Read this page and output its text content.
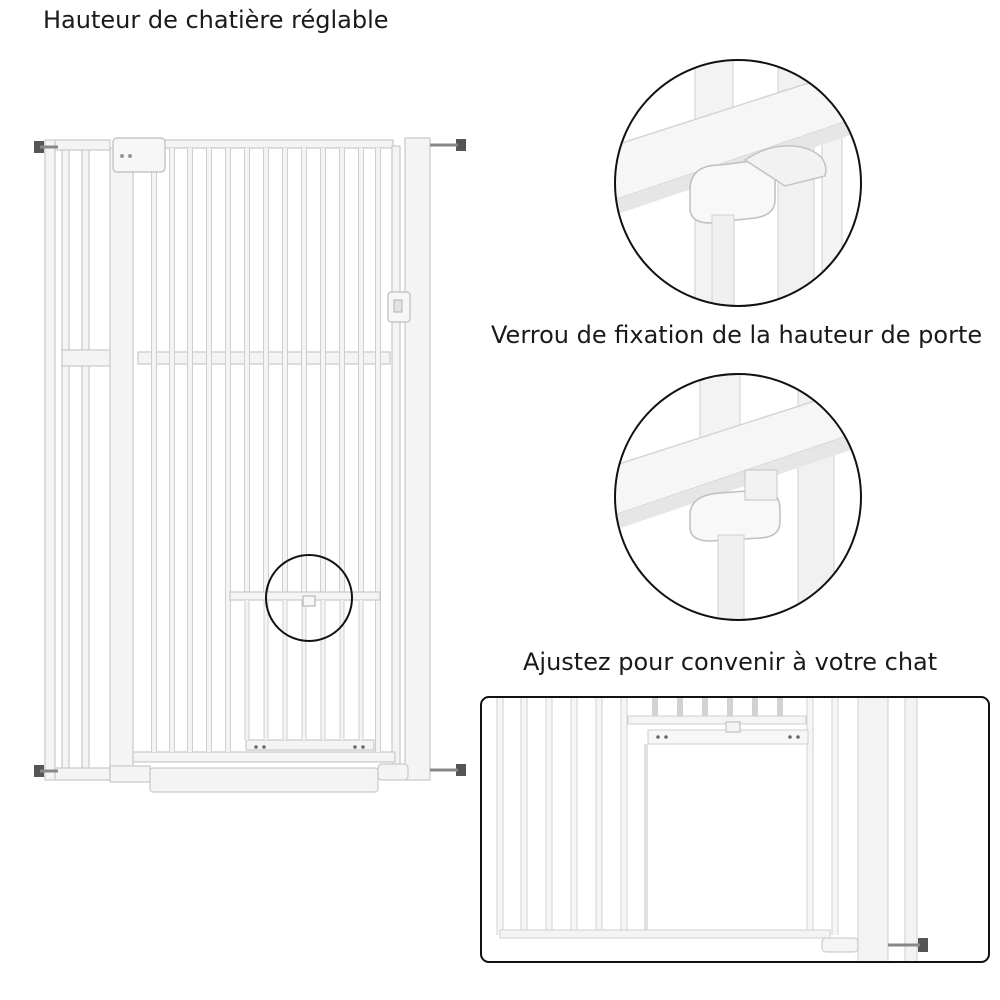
Hauteur de chatière réglable
Verrou de fixation de la hauteur de porte
Ajustez pour convenir à votre chat
